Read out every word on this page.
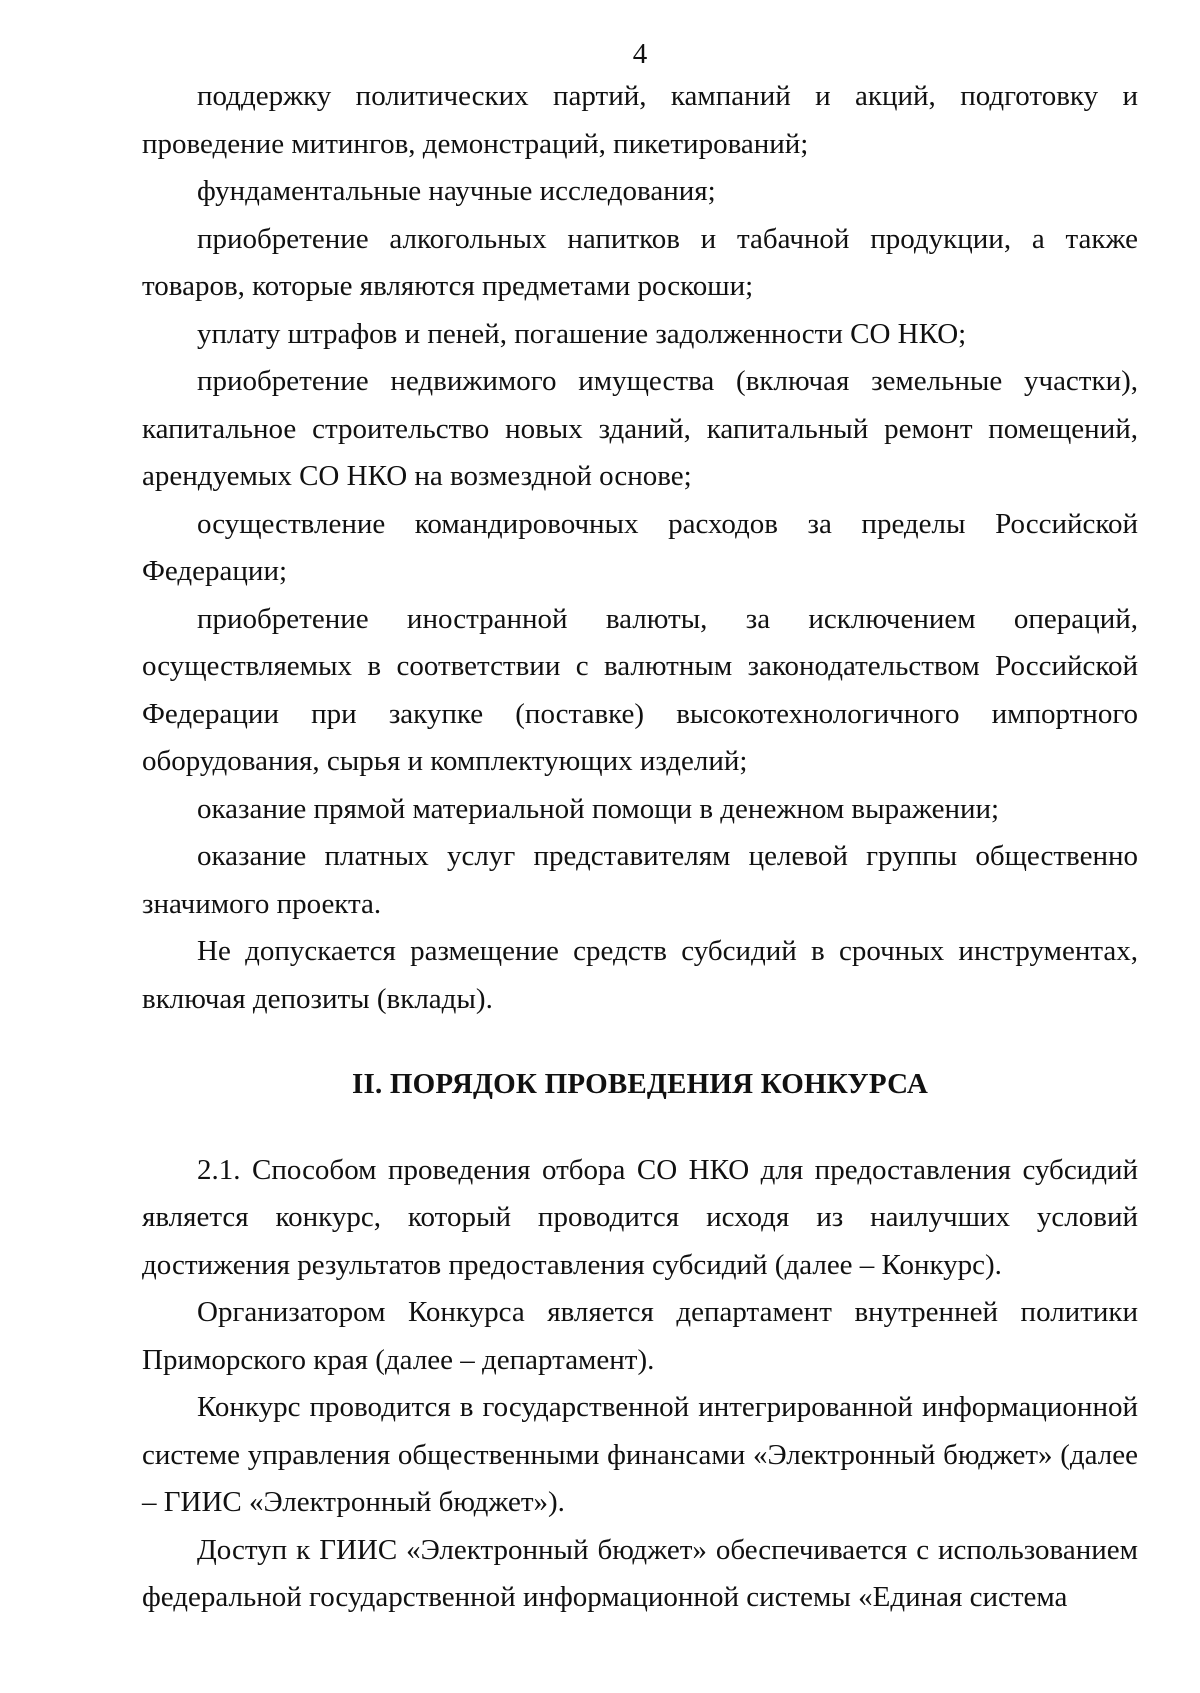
4

поддержку политических партий, кампаний и акций, подготовку и проведение митингов, демонстраций, пикетирований;

фундаментальные научные исследования;

приобретение алкогольных напитков и табачной продукции, а также товаров, которые являются предметами роскоши;

уплату штрафов и пеней, погашение задолженности СО НКО;

приобретение недвижимого имущества (включая земельные участки), капитальное строительство новых зданий, капитальный ремонт помещений, арендуемых СО НКО на возмездной основе;

осуществление командировочных расходов за пределы Российской Федерации;

приобретение иностранной валюты, за исключением операций, осуществляемых в соответствии с валютным законодательством Российской Федерации при закупке (поставке) высокотехнологичного импортного оборудования, сырья и комплектующих изделий;

оказание прямой материальной помощи в денежном выражении;

оказание платных услуг представителям целевой группы общественно значимого проекта.

Не допускается размещение средств субсидий в срочных инструментах, включая депозиты (вклады).

II. ПОРЯДОК ПРОВЕДЕНИЯ КОНКУРСА

2.1. Способом проведения отбора СО НКО для предоставления субсидий является конкурс, который проводится исходя из наилучших условий достижения результатов предоставления субсидий (далее – Конкурс).

Организатором Конкурса является департамент внутренней политики Приморского края (далее – департамент).

Конкурс проводится в государственной интегрированной информационной системе управления общественными финансами «Электронный бюджет» (далее – ГИИС «Электронный бюджет»).

Доступ к ГИИС «Электронный бюджет» обеспечивается с использованием федеральной государственной информационной системы «Единая система
